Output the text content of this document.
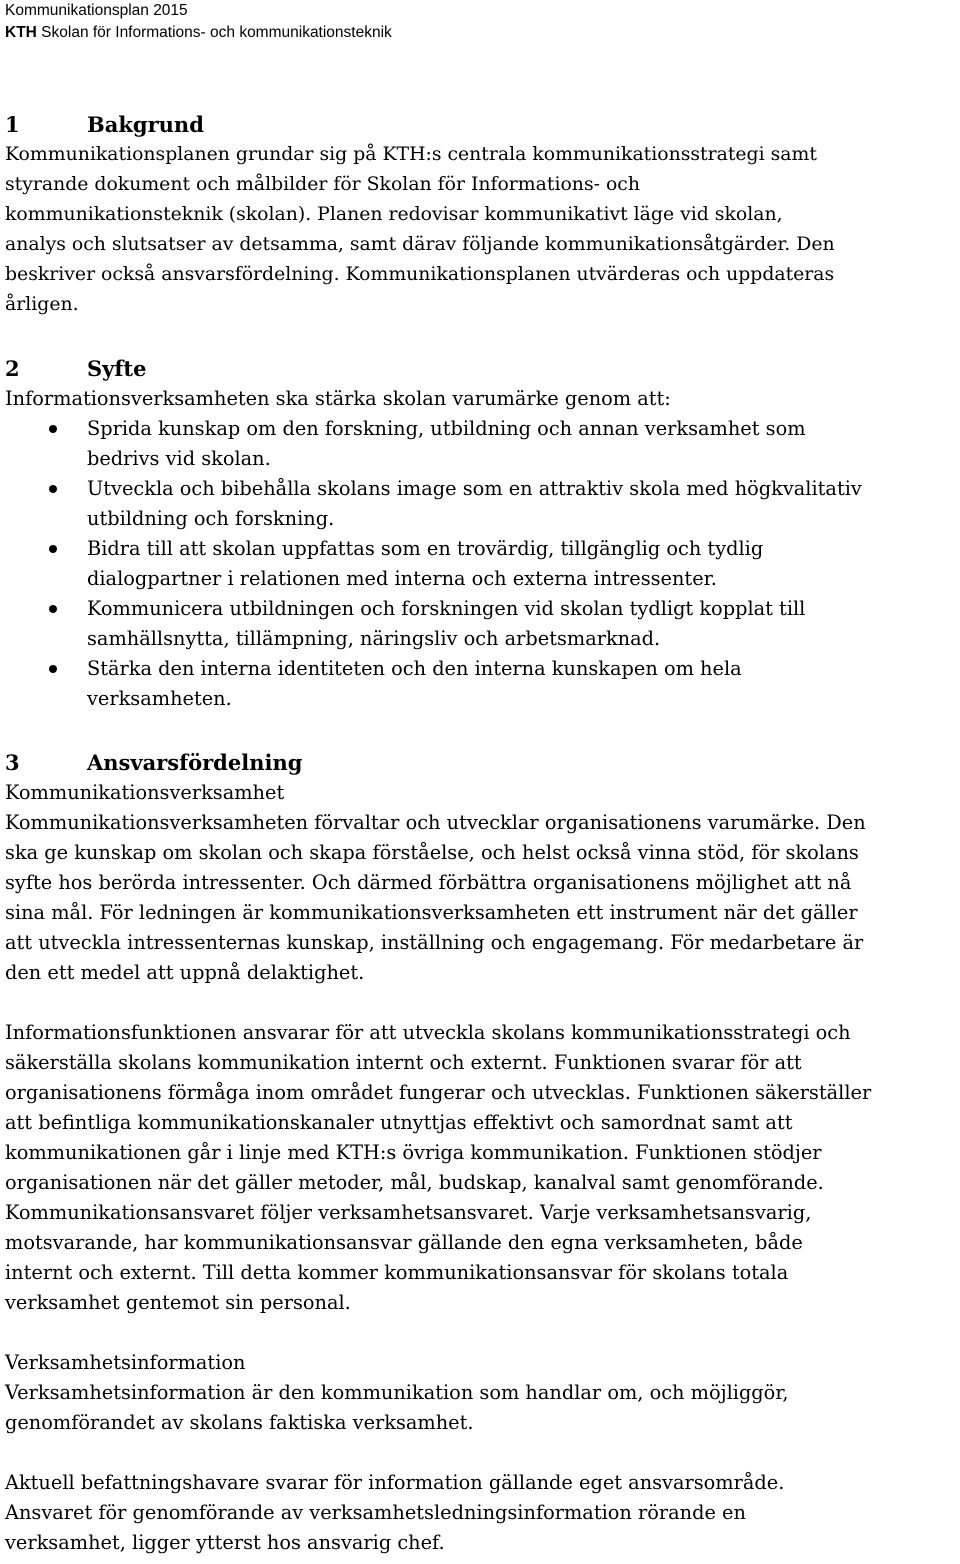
Kommunikationsplan 2015
KTH Skolan för Informations- och kommunikationsteknik
1	Bakgrund

Kommunikationsplanen grundar sig på KTH:s centrala kommunikationsstrategi samt

styrande dokument och målbilder för Skolan för Informations- och

kommunikationsteknik (skolan). Planen redovisar kommunikativt läge vid skolan,

analys och slutsatser av detsamma, samt därav följande kommunikationsåtgärder. Den

beskriver också ansvarsfördelning. Kommunikationsplanen utvärderas och uppdateras

årligen.

2	Syfte

Informationsverksamheten ska stärka skolan varumärke genom att:

Sprida kunskap om den forskning, utbildning och annan verksamhet som
bedrivs vid skolan.
Utveckla och bibehålla skolans image som en attraktiv skola med högkvalitativ
utbildning och forskning.
Bidra till att skolan uppfattas som en trovärdig, tillgänglig och tydlig
dialogpartner i relationen med interna och externa intressenter.
Kommunicera utbildningen och forskningen vid skolan tydligt kopplat till
samhällsnytta, tillämpning, näringsliv och arbetsmarknad.
Stärka den interna identiteten och den interna kunskapen om hela
verksamheten.
3	Ansvarsfördelning

Kommunikationsverksamhet

Kommunikationsverksamheten förvaltar och utvecklar organisationens varumärke. Den

ska ge kunskap om skolan och skapa förståelse, och helst också vinna stöd, för skolans

syfte hos berörda intressenter. Och därmed förbättra organisationens möjlighet att nå

sina mål. För ledningen är kommunikationsverksamheten ett instrument när det gäller

att utveckla intressenternas kunskap, inställning och engagemang. För medarbetare är

den ett medel att uppnå delaktighet.

Informationsfunktionen ansvarar för att utveckla skolans kommunikationsstrategi och

säkerställa skolans kommunikation internt och externt. Funktionen svarar för att

organisationens förmåga inom området fungerar och utvecklas. Funktionen säkerställer

att befintliga kommunikationskanaler utnyttjas effektivt och samordnat samt att

kommunikationen går i linje med KTH:s övriga kommunikation. Funktionen stödjer

organisationen när det gäller metoder, mål, budskap, kanalval samt genomförande.

Kommunikationsansvaret följer verksamhetsansvaret. Varje verksamhetsansvarig,

motsvarande, har kommunikationsansvar gällande den egna verksamheten, både

internt och externt. Till detta kommer kommunikationsansvar för skolans totala

verksamhet gentemot sin personal.

Verksamhetsinformation

Verksamhetsinformation är den kommunikation som handlar om, och möjliggör,

genomförandet av skolans faktiska verksamhet.

Aktuell befattningshavare svarar för information gällande eget ansvarsområde.

Ansvaret för genomförande av verksamhetsledningsinformation rörande en

verksamhet, ligger ytterst hos ansvarig chef.
